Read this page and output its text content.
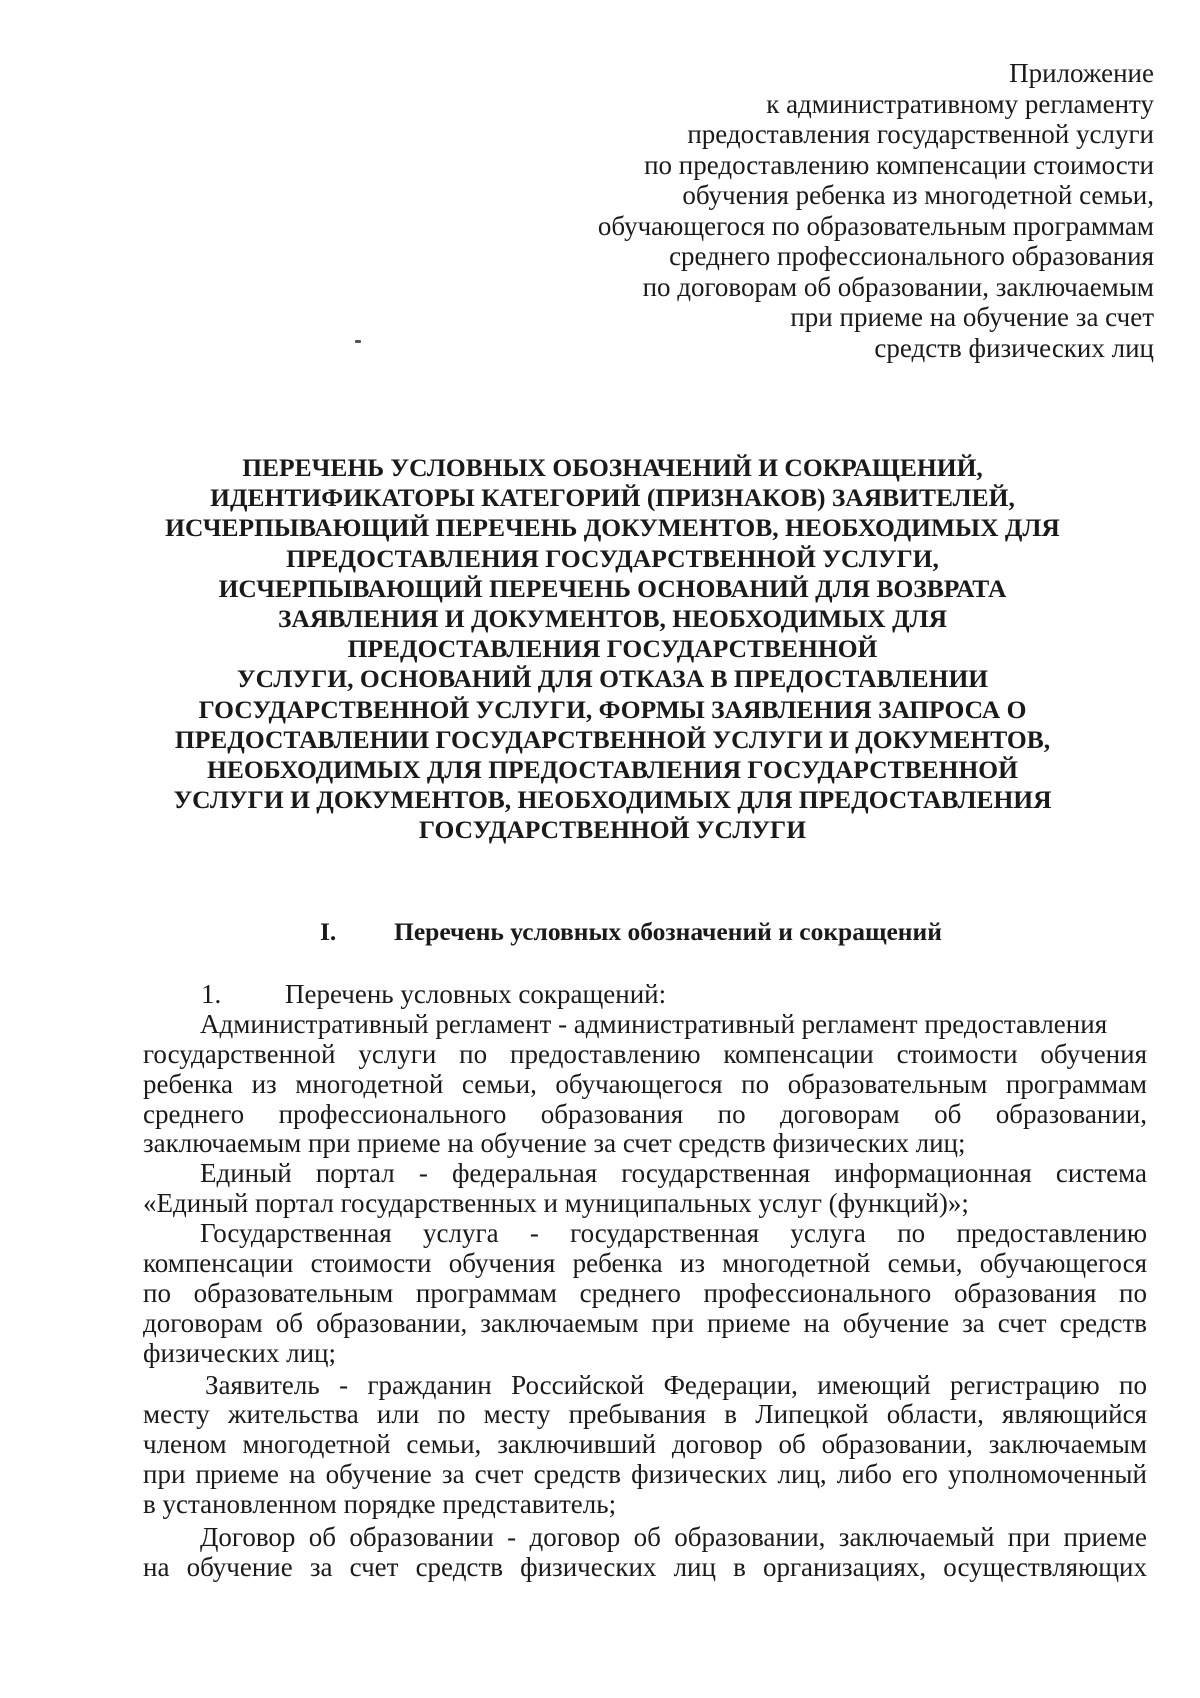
Приложение
к административному регламенту
предоставления государственной услуги
по предоставлению компенсации стоимости
обучения ребенка из многодетной семьи,
обучающегося по образовательным программам
среднего профессионального образования
по договорам об образовании, заключаемым
при приеме на обучение за счет
средств физических лиц
ПЕРЕЧЕНЬ УСЛОВНЫХ ОБОЗНАЧЕНИЙ И СОКРАЩЕНИЙ,
ИДЕНТИФИКАТОРЫ КАТЕГОРИЙ (ПРИЗНАКОВ) ЗАЯВИТЕЛЕЙ,
ИСЧЕРПЫВАЮЩИЙ ПЕРЕЧЕНЬ ДОКУМЕНТОВ, НЕОБХОДИМЫХ ДЛЯ
ПРЕДОСТАВЛЕНИЯ ГОСУДАРСТВЕННОЙ УСЛУГИ,
ИСЧЕРПЫВАЮЩИЙ ПЕРЕЧЕНЬ ОСНОВАНИЙ ДЛЯ ВОЗВРАТА
ЗАЯВЛЕНИЯ И ДОКУМЕНТОВ, НЕОБХОДИМЫХ ДЛЯ
ПРЕДОСТАВЛЕНИЯ ГОСУДАРСТВЕННОЙ
УСЛУГИ, ОСНОВАНИЙ ДЛЯ ОТКАЗА В ПРЕДОСТАВЛЕНИИ
ГОСУДАРСТВЕННОЙ УСЛУГИ, ФОРМЫ ЗАЯВЛЕНИЯ ЗАПРОСА О
ПРЕДОСТАВЛЕНИИ ГОСУДАРСТВЕННОЙ УСЛУГИ И ДОКУМЕНТОВ,
НЕОБХОДИМЫХ ДЛЯ ПРЕДОСТАВЛЕНИЯ ГОСУДАРСТВЕННОЙ
УСЛУГИ И ДОКУМЕНТОВ, НЕОБХОДИМЫХ ДЛЯ ПРЕДОСТАВЛЕНИЯ
ГОСУДАРСТВЕННОЙ УСЛУГИ
I. Перечень условных обозначений и сокращений
1. Перечень условных сокращений:
Административный регламент - административный регламент предоставления
государственной услуги по предоставлению компенсации стоимости обучения
ребенка из многодетной семьи, обучающегося по образовательным программам
среднего профессионального образования по договорам об образовании,
заключаемым при приеме на обучение за счет средств физических лиц;
Единый портал - федеральная государственная информационная система
«Единый портал государственных и муниципальных услуг (функций)»;
Государственная услуга - государственная услуга по предоставлению
компенсации стоимости обучения ребенка из многодетной семьи, обучающегося
по образовательным программам среднего профессионального образования по
договорам об образовании, заключаемым при приеме на обучение за счет средств
физических лиц;
Заявитель - гражданин Российской Федерации, имеющий регистрацию по
месту жительства или по месту пребывания в Липецкой области, являющийся
членом многодетной семьи, заключивший договор об образовании, заключаемым
при приеме на обучение за счет средств физических лиц, либо его уполномоченный
в установленном порядке представитель;
Договор об образовании - договор об образовании, заключаемый при приеме
на обучение за счет средств физических лиц в организациях, осуществляющих
